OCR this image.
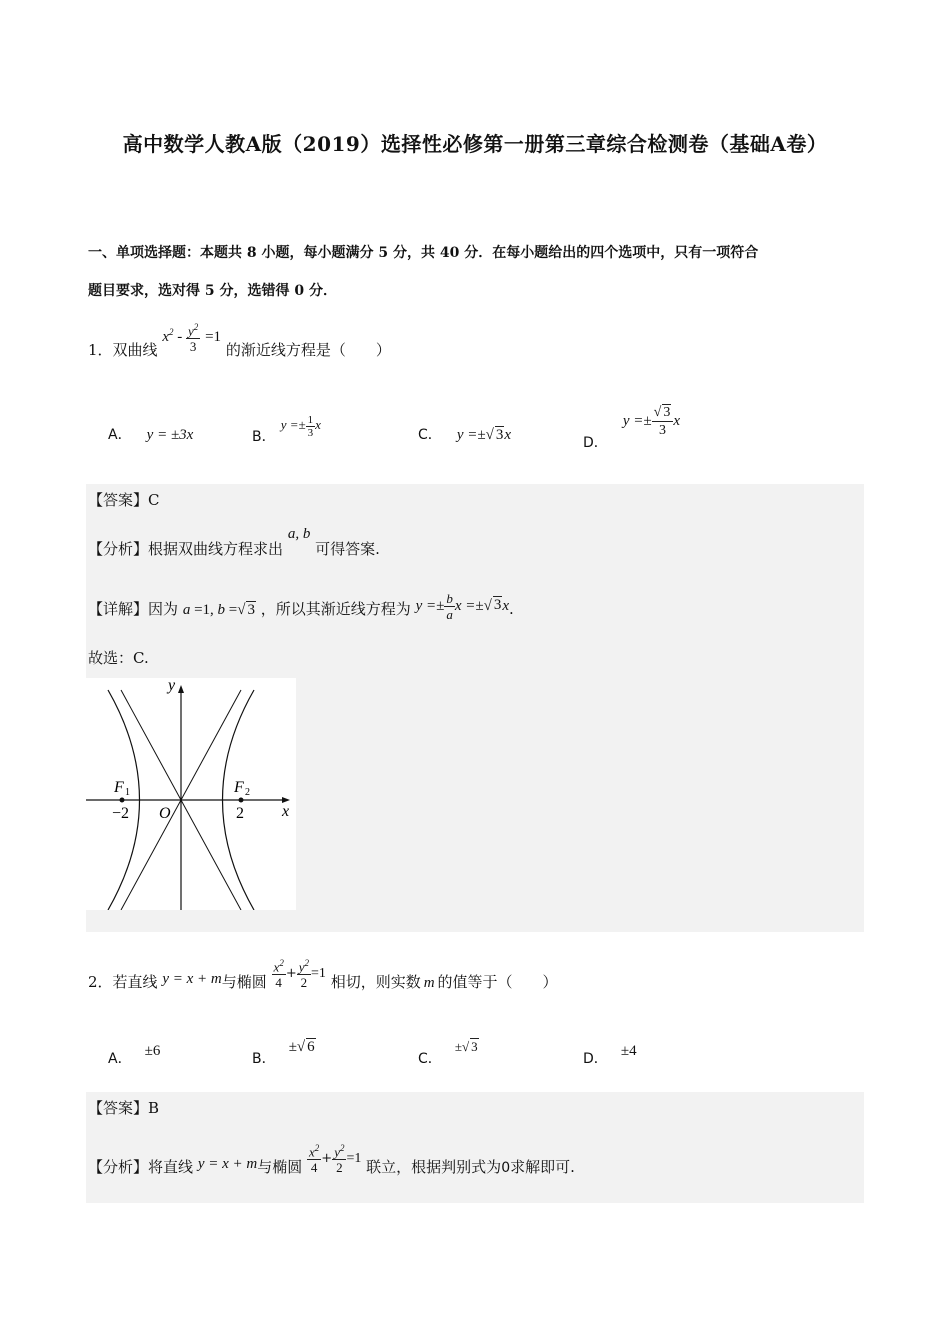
高中数学人教A版（2019）选择性必修第一册第三章综合检测卷（基础A卷）
一、单项选择题：本题共 8 小题，每小题满分 5 分，共 40 分．在每小题给出的四个选项中，只有一项符合
题目要求，选对得 5 分，选错得 0 分．
1．双曲线 $x^2 - \frac{y^2}{3} =1$ 的渐近线方程是（　　）
A． y = ±3x	B． $y =\pm \frac{1}{3}$ x
C． y =±√ 3x	D． $y =\pm \frac{√ 3}{3}$ x
【答案】C
【分析】根据双曲线方程求出 a, b 可得答案.
【详解】因为 a =1, b =√ 3 ，所以其渐近线方程为 $y =\pm \frac{b}{a}$ x =±√ 3x.
故选：C.
y
x
F 1	F 2
O
−2	2
2．若直线 y = x + m与椭圆 $\frac{x^2}{4} + \frac{y^2}{2} =1$ 相切，则实数 m 的值等于（　　）
A． ±6	B． ±√ 6
C． ±√ 3
D． ±4
【答案】B
【分析】将直线 y = x + m与椭圆 $\frac{x^2}{4} + \frac{y^2}{2} =1$ 联立，根据判别式为0求解即可.
